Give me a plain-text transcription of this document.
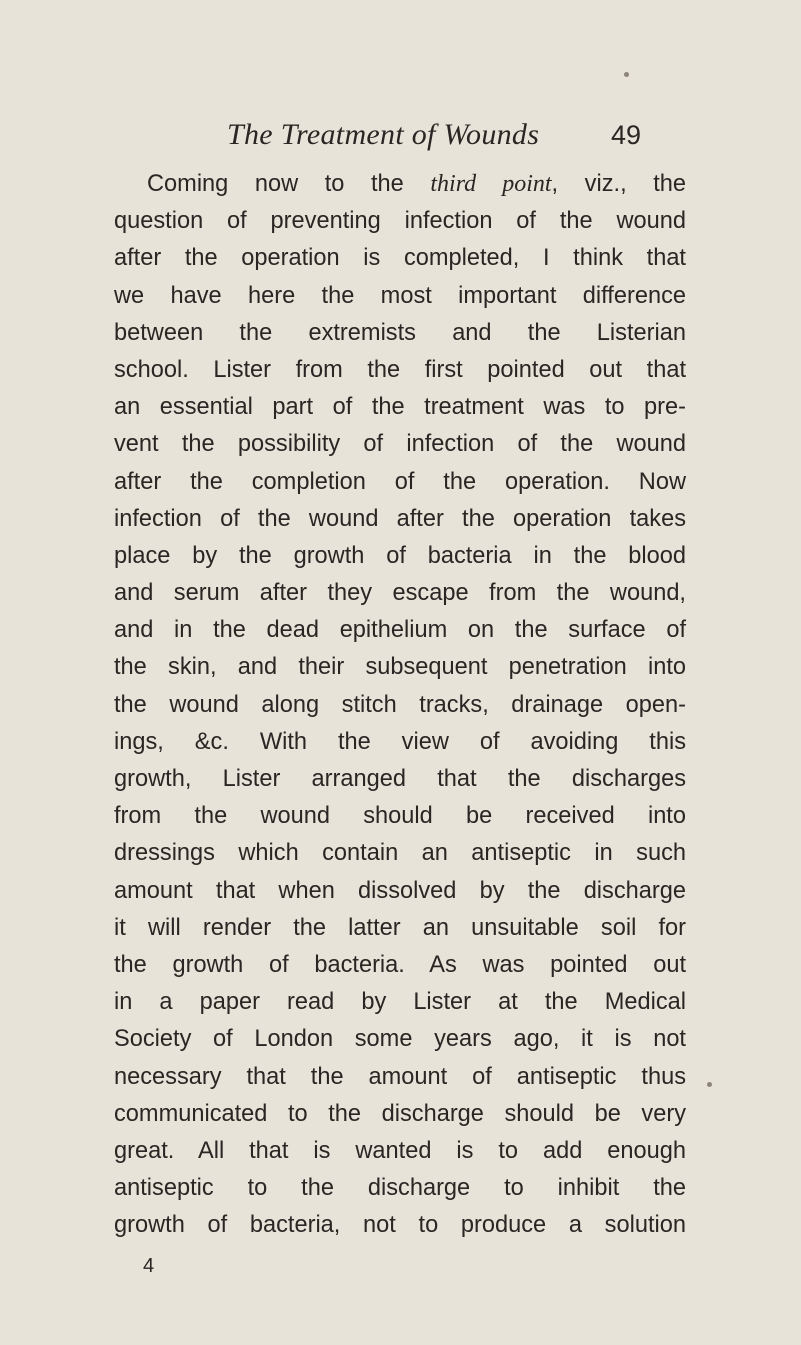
The Treatment of Wounds	49
Coming now to the third point, viz., the
question of preventing infection of the wound
after the operation is completed, I think that
we have here the most important difference
between the extremists and the Listerian
school. Lister from the first pointed out that
an essential part of the treatment was to pre-
vent the possibility of infection of the wound
after the completion of the operation. Now
infection of the wound after the operation takes
place by the growth of bacteria in the blood
and serum after they escape from the wound,
and in the dead epithelium on the surface of
the skin, and their subsequent penetration into
the wound along stitch tracks, drainage open-
ings, &c. With the view of avoiding this
growth, Lister arranged that the discharges
from the wound should be received into
dressings which contain an antiseptic in such
amount that when dissolved by the discharge
it will render the latter an unsuitable soil for
the growth of bacteria. As was pointed out
in a paper read by Lister at the Medical
Society of London some years ago, it is not
necessary that the amount of antiseptic thus
communicated to the discharge should be very
great. All that is wanted is to add enough
antiseptic to the discharge to inhibit the
growth of bacteria, not to produce a solution
4
